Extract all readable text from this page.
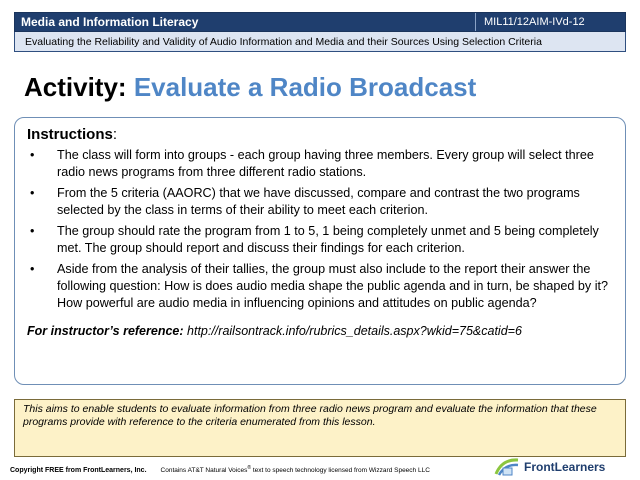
Media and Information Literacy	MIL11/12AIM-IVd-12
Evaluating the Reliability and Validity of Audio Information and Media and their Sources Using Selection Criteria
Activity: Evaluate a Radio Broadcast
Instructions:
• The class will form into groups - each group having three members. Every group will select three radio news programs from three different radio stations.
• From the 5 criteria (AAORC) that we have discussed, compare and contrast the two programs selected by the class in terms of their ability to meet each criterion.
• The group should rate the program from 1 to 5, 1 being completely unmet and 5 being completely met. The group should report and discuss their findings for each criterion.
• Aside from the analysis of their tallies, the group must also include to the report their answer the following question: How is does audio media shape the public agenda and in turn, be shaped by it? How powerful are audio media in influencing opinions and attitudes on public agenda?
For instructor’s reference: http://railsontrack.info/rubrics_details.aspx?wkid=75&catid=6
This aims to enable students to evaluate information from three radio news program and evaluate the information that these programs provide with reference to the criteria enumerated from this lesson.
Copyright FREE from FrontLearners, Inc. Contains AT&T Natural Voices® text to speech technology licensed from Wizzard Speech LLC	FrontLearners
